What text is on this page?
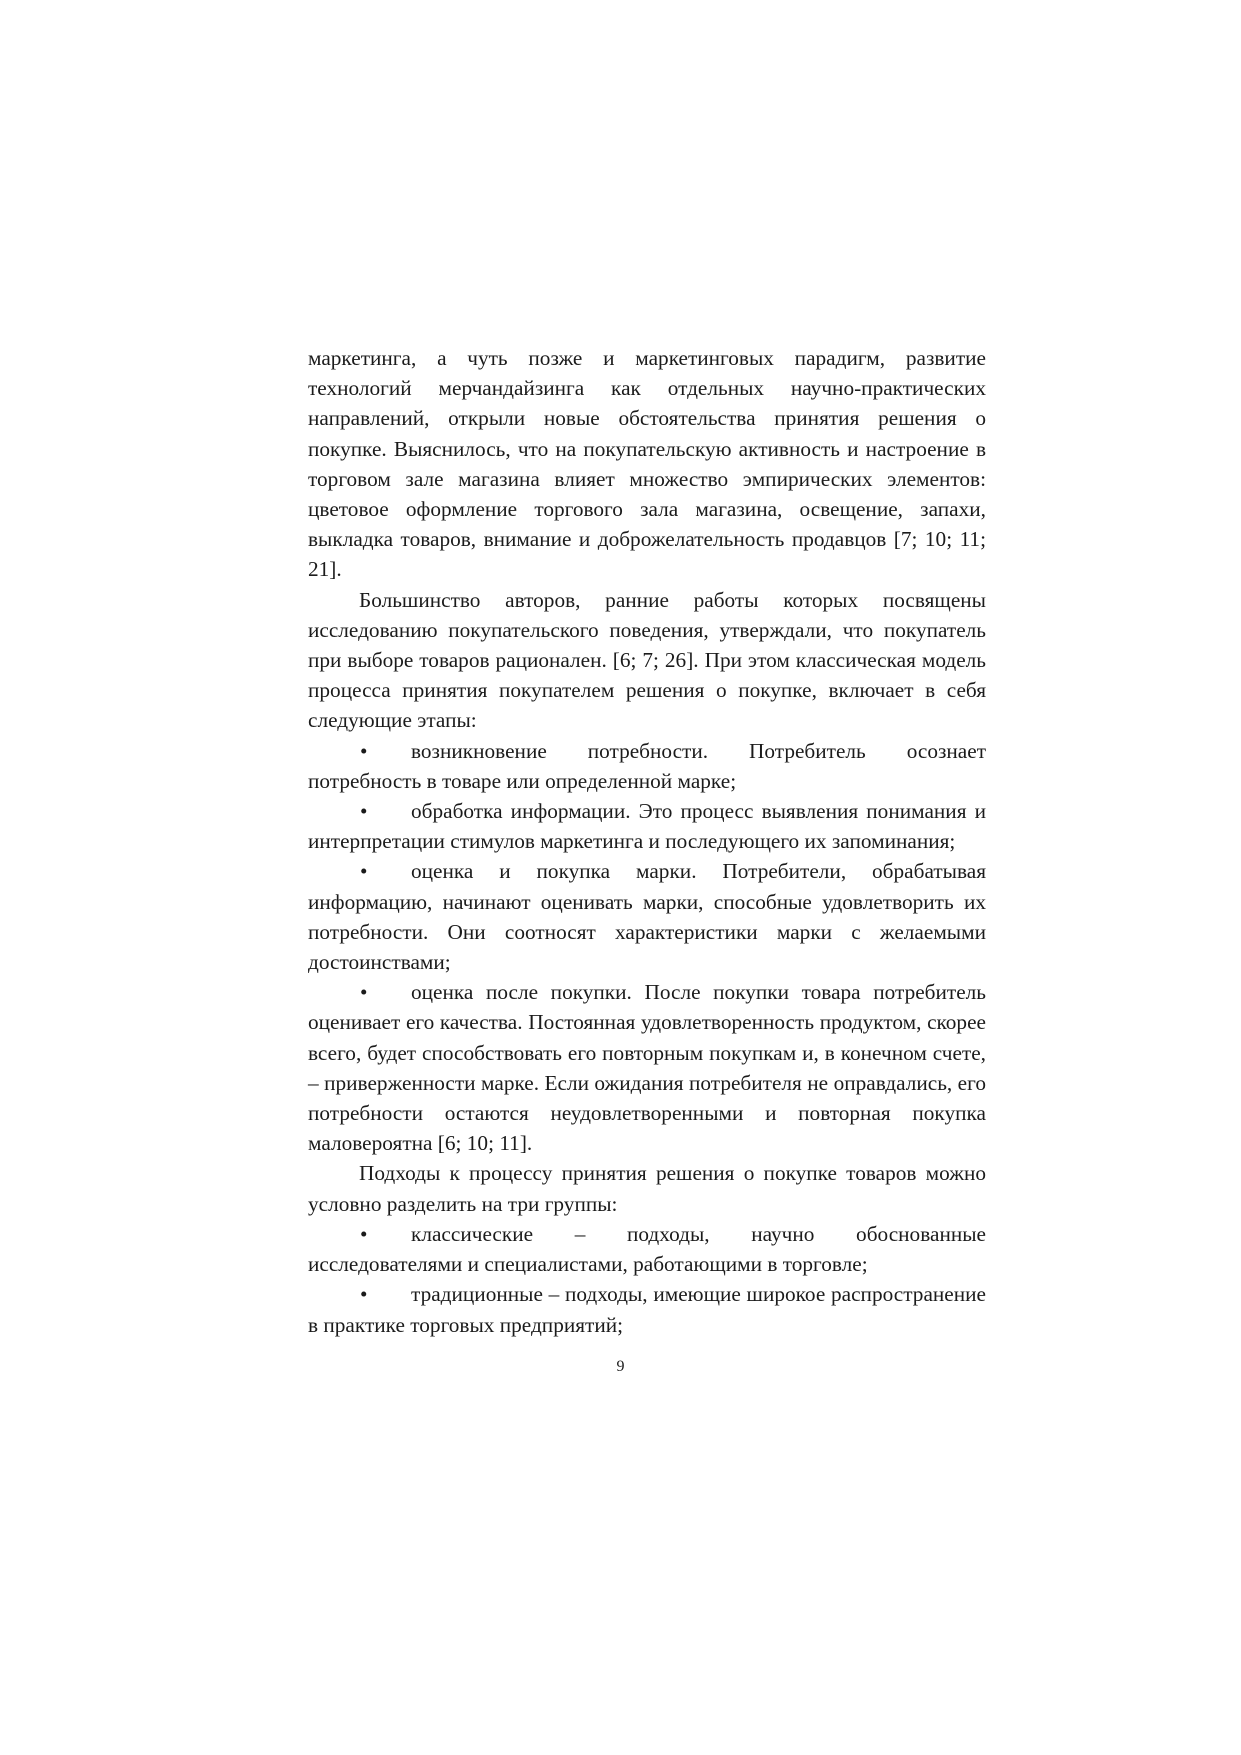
маркетинга, а чуть позже и маркетинговых парадигм, развитие технологий мерчандайзинга как отдельных научно-практических направлений, открыли новые обстоятельства принятия решения о покупке. Выяснилось, что на покупательскую активность и настроение в торговом зале магазина влияет множество эмпирических элементов: цветовое оформление торгового зала магазина, освещение, запахи, выкладка товаров, внимание и доброжелательность продавцов [7; 10; 11; 21].

Большинство авторов, ранние работы которых посвящены исследованию покупательского поведения, утверждали, что покупатель при выборе товаров рационален. [6; 7; 26]. При этом классическая модель процесса принятия покупателем решения о покупке, включает в себя следующие этапы:

• возникновение потребности. Потребитель осознает потребность в товаре или определенной марке;
• обработка информации. Это процесс выявления понимания и интерпретации стимулов маркетинга и последующего их запоминания;
• оценка и покупка марки. Потребители, обрабатывая информацию, начинают оценивать марки, способные удовлетворить их потребности. Они соотносят характеристики марки с желаемыми достоинствами;
• оценка после покупки. После покупки товара потребитель оценивает его качества. Постоянная удовлетворенность продуктом, скорее всего, будет способствовать его повторным покупкам и, в конечном счете, – приверженности марке. Если ожидания потребителя не оправдались, его потребности остаются неудовлетворенными и повторная покупка маловероятна [6; 10; 11].

Подходы к процессу принятия решения о покупке товаров можно условно разделить на три группы:

• классические – подходы, научно обоснованные исследователями и специалистами, работающими в торговле;
• традиционные – подходы, имеющие широкое распространение в практике торговых предприятий;
9
